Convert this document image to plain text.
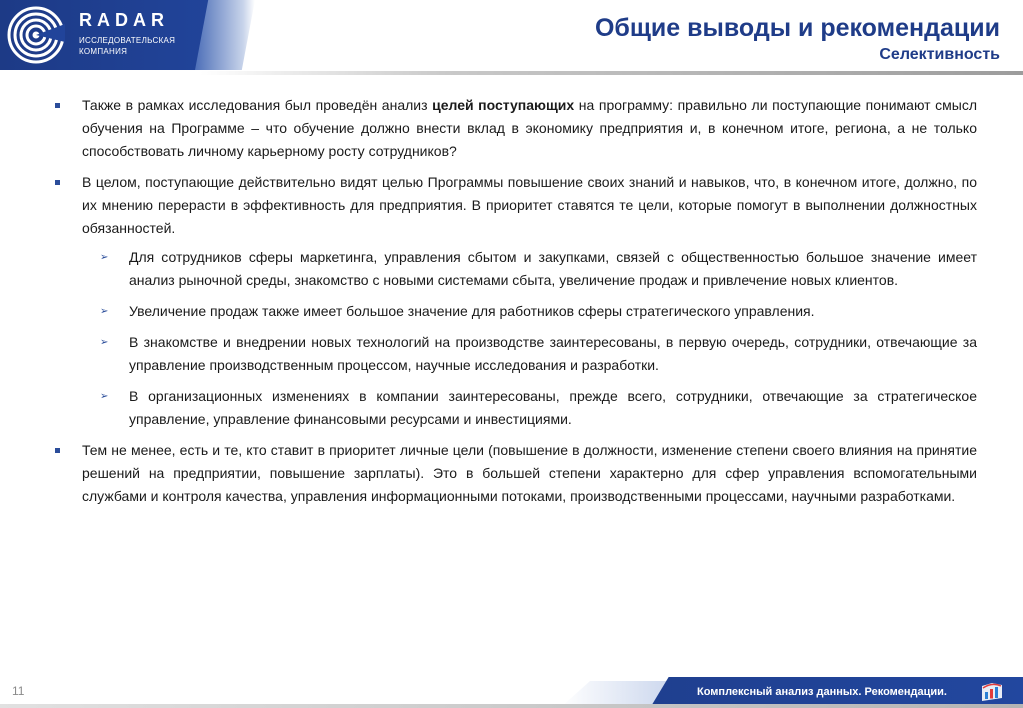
RADAR
ИССЛЕДОВАТЕЛЬСКАЯ
КОМПАНИЯ
Общие выводы и рекомендации
Селективность
Также в рамках исследования был проведён анализ целей поступающих на программу: правильно ли поступающие понимают смысл обучения на Программе – что обучение должно внести вклад в экономику предприятия и, в конечном итоге, региона, а не только способствовать личному карьерному росту сотрудников?
В целом, поступающие действительно видят целью Программы повышение своих знаний и навыков, что, в конечном итоге, должно, по их мнению перерасти в эффективность для предприятия. В приоритет ставятся те цели, которые помогут в выполнении должностных обязанностей.
➢ Для сотрудников сферы маркетинга, управления сбытом и закупками, связей с общественностью большое значение имеет анализ рыночной среды, знакомство с новыми системами сбыта, увеличение продаж и привлечение новых клиентов.
➢ Увеличение продаж также имеет большое значение для работников сферы стратегического управления.
➢ В знакомстве и внедрении новых технологий на производстве заинтересованы, в первую очередь, сотрудники, отвечающие за управление производственным процессом, научные исследования и разработки.
➢ В организационных изменениях в компании заинтересованы, прежде всего, сотрудники, отвечающие за стратегическое управление, управление финансовыми ресурсами и инвестициями.
Тем не менее, есть и те, кто ставит в приоритет личные цели (повышение в должности, изменение степени своего влияния на принятие решений на предприятии, повышение зарплаты). Это в большей степени характерно для сфер управления вспомогательными службами и контроля качества, управления информационными потоками, производственными процессами, научными разработками.
11	Комплексный анализ данных. Рекомендации.
